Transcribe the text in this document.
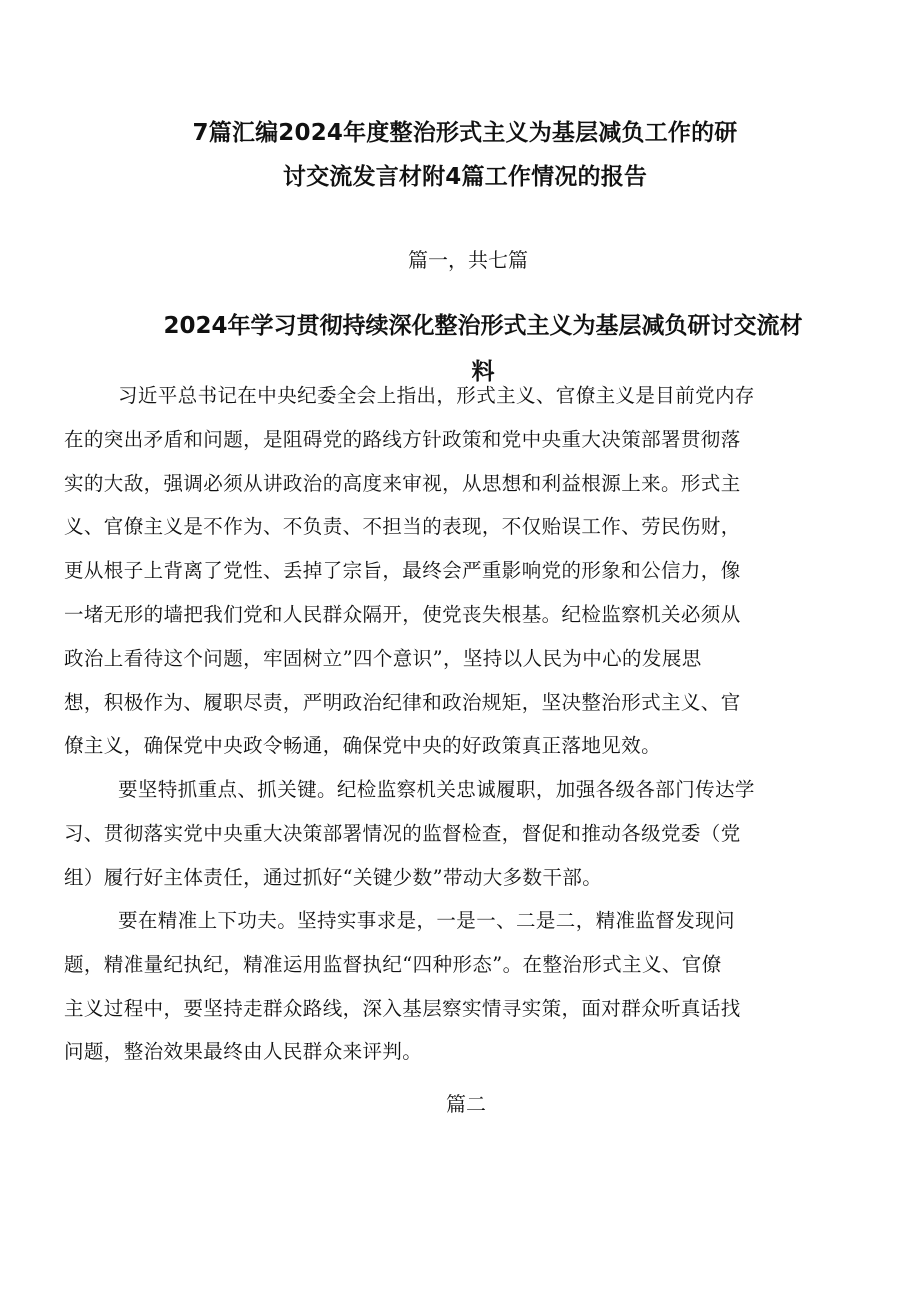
7篇汇编2024年度整治形式主义为基层减负工作的研
讨交流发言材附4篇工作情况的报告
篇一，共七篇
2024年学习贯彻持续深化整治形式主义为基层减负研讨交流材
料
习近平总书记在中央纪委全会上指出，形式主义、官僚主义是目前党内存
在的突出矛盾和问题，是阻碍党的路线方针政策和党中央重大决策部署贯彻落
实的大敌，强调必须从讲政治的高度来审视，从思想和利益根源上来。形式主
义、官僚主义是不作为、不负责、不担当的表现，不仅贻误工作、劳民伤财，
更从根子上背离了党性、丢掉了宗旨，最终会严重影响党的形象和公信力，像
一堵无形的墙把我们党和人民群众隔开，使党丧失根基。纪检监察机关必须从
政治上看待这个问题，牢固树立”四个意识”，坚持以人民为中心的发展思
想，积极作为、履职尽责，严明政治纪律和政治规矩，坚决整治形式主义、官
僚主义，确保党中央政令畅通，确保党中央的好政策真正落地见效。
要坚特抓重点、抓关键。纪检监察机关忠诚履职，加强各级各部门传达学
习、贯彻落实党中央重大决策部署情况的监督检查，督促和推动各级党委（党
组）履行好主体责任，通过抓好“关键少数”带动大多数干部。
要在精准上下功夫。坚持实事求是，一是一、二是二，精准监督发现问
题，精准量纪执纪，精准运用监督执纪“四种形态”。在整治形式主义、官僚
主义过程中，要坚持走群众路线，深入基层察实情寻实策，面对群众听真话找
问题，整治效果最终由人民群众来评判。
篇二
